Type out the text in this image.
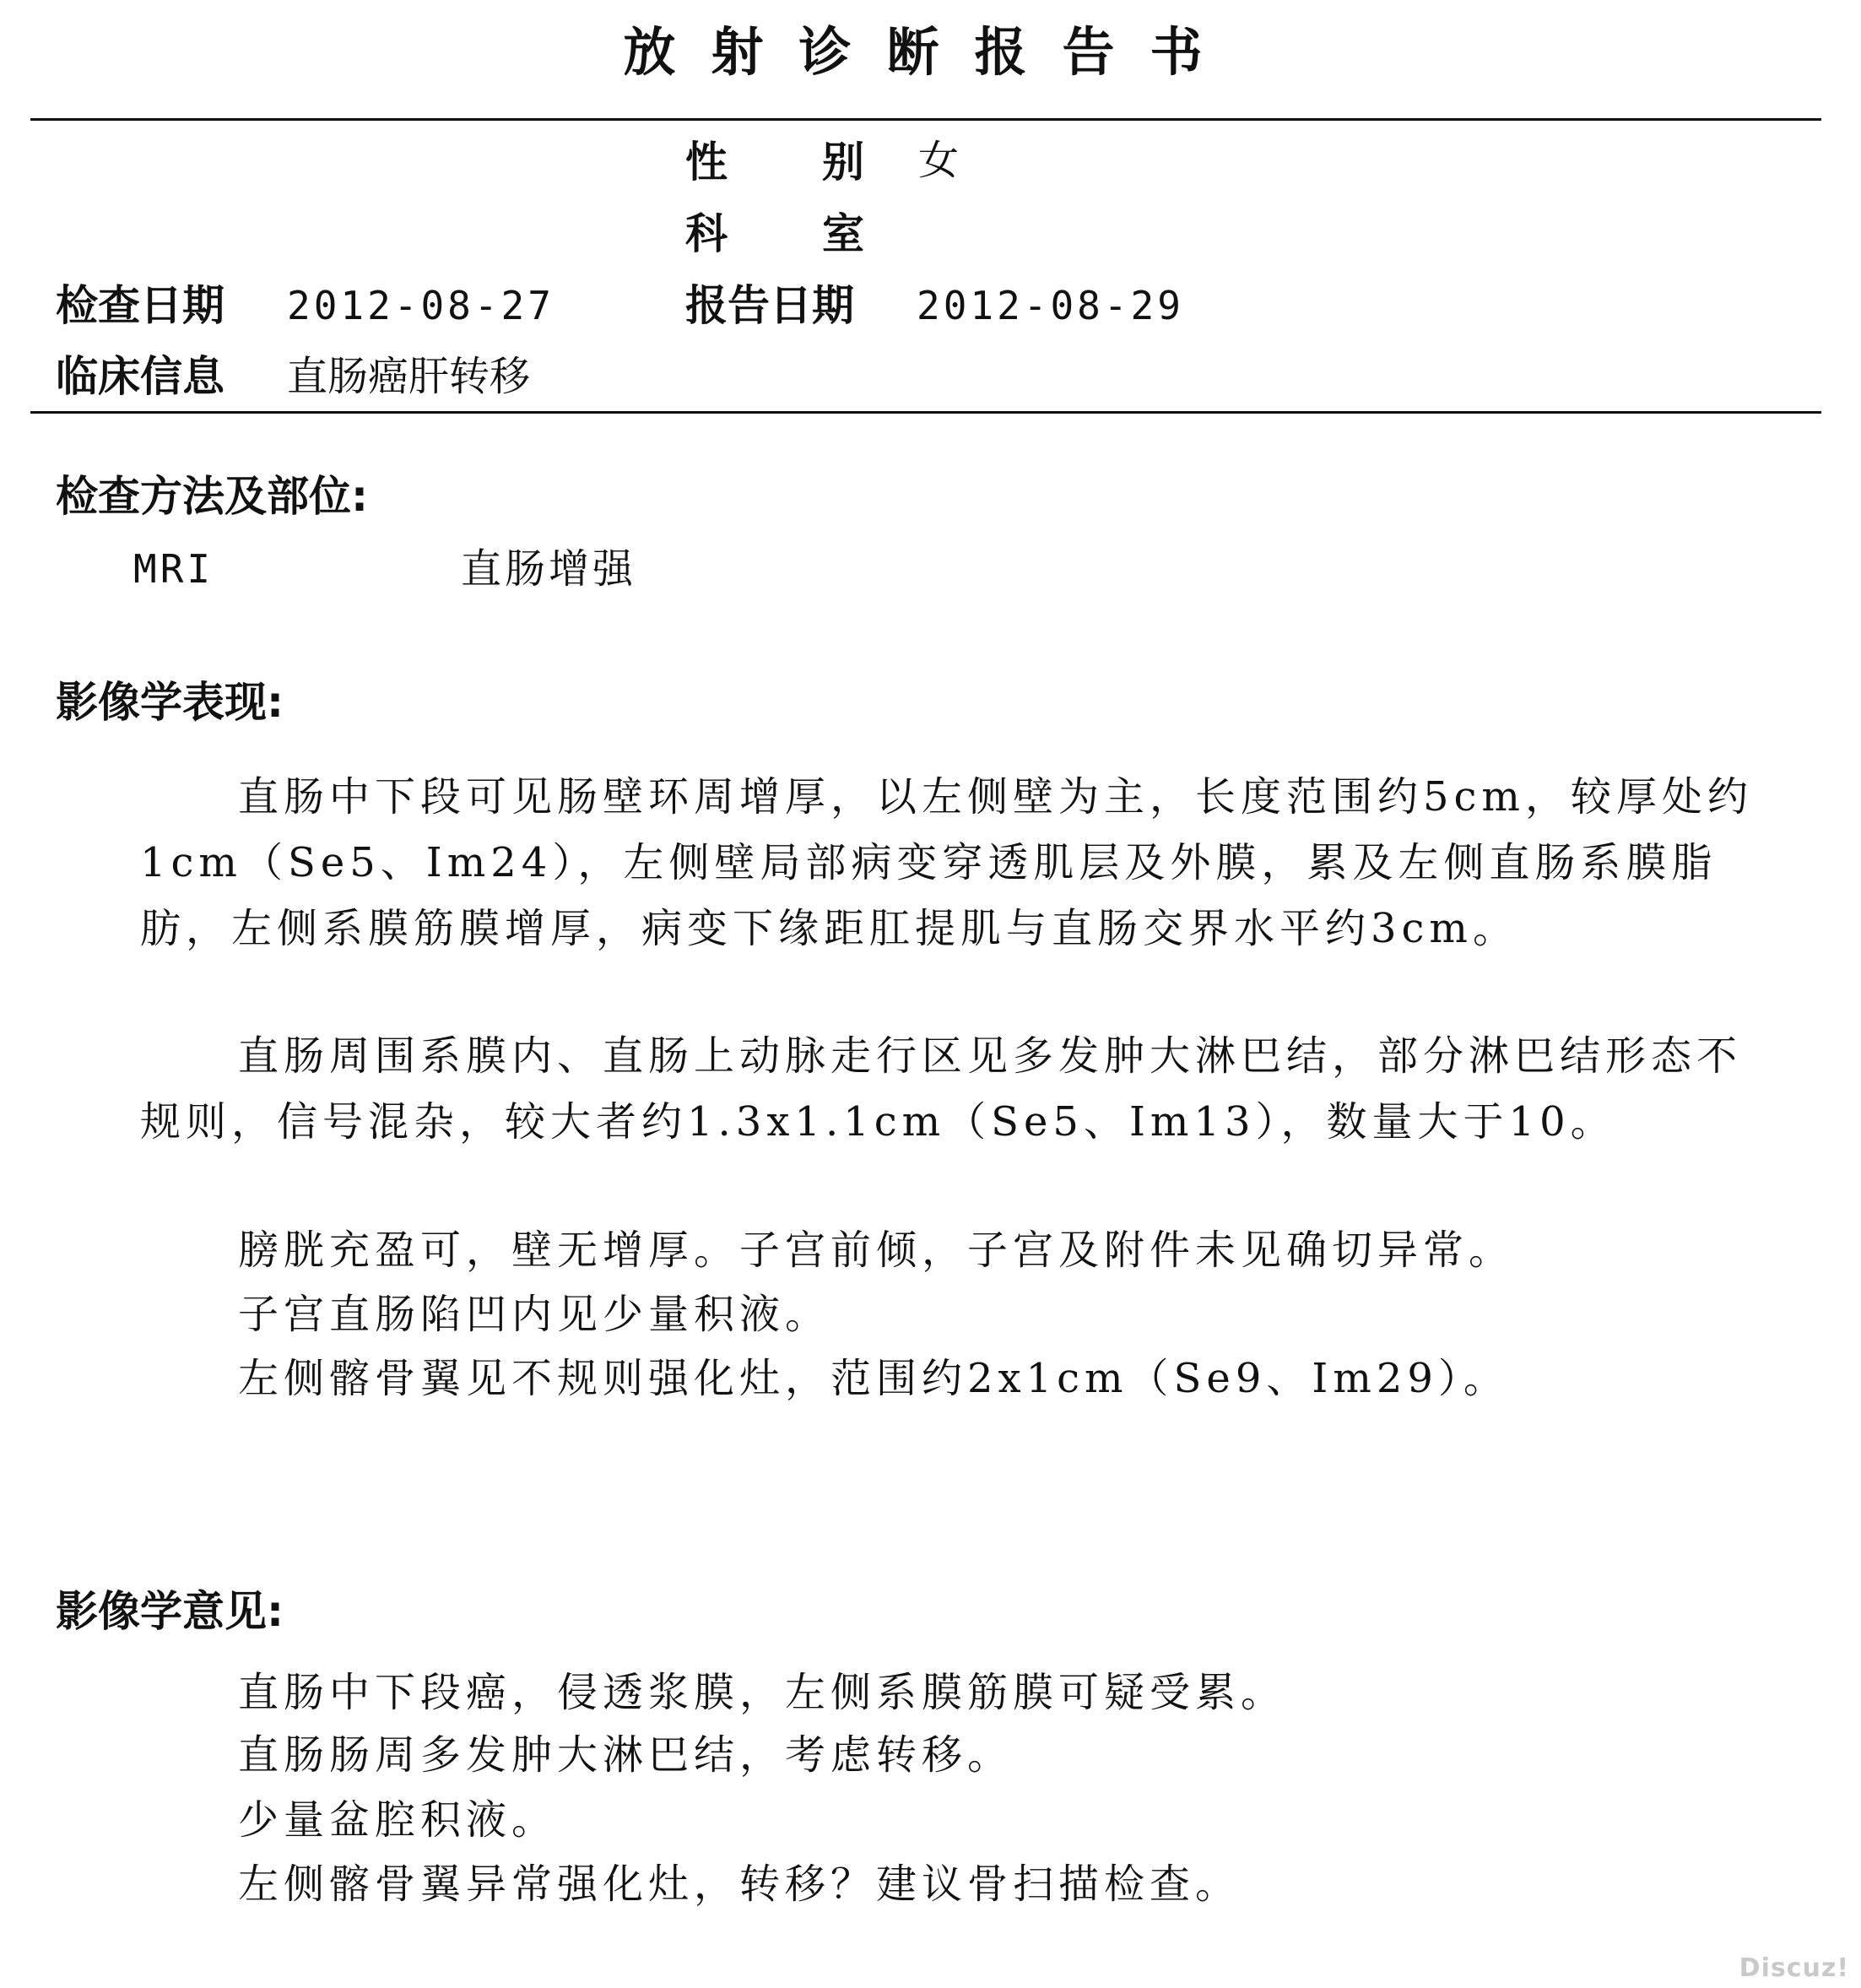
放射诊断报告书
性 别 女
科 室
检查日期 2012-08-27	报告日期 2012-08-29
临床信息 直肠癌肝转移
检查方法及部位:
MRI	直肠增强
影像学表现:

直肠中下段可见肠壁环周增厚，以左侧壁为主，长度范围约5cm，较厚处约1cm（Se5、Im24），左侧壁局部病变穿透肌层及外膜，累及左侧直肠系膜脂肪，左侧系膜筋膜增厚，病变下缘距肛提肌与直肠交界水平约3cm。

直肠周围系膜内、直肠上动脉走行区见多发肿大淋巴结，部分淋巴结形态不规则，信号混杂，较大者约1.3x1.1cm（Se5、Im13），数量大于10。

膀胱充盈可，壁无增厚。子宫前倾，子宫及附件未见确切异常。
子宫直肠陷凹内见少量积液。
左侧髂骨翼见不规则强化灶，范围约2x1cm（Se9、Im29）。
影像学意见:
直肠中下段癌，侵透浆膜，左侧系膜筋膜可疑受累。
直肠肠周多发肿大淋巴结，考虑转移。
少量盆腔积液。
左侧髂骨翼异常强化灶，转移？建议骨扫描检查。
Discuz!
